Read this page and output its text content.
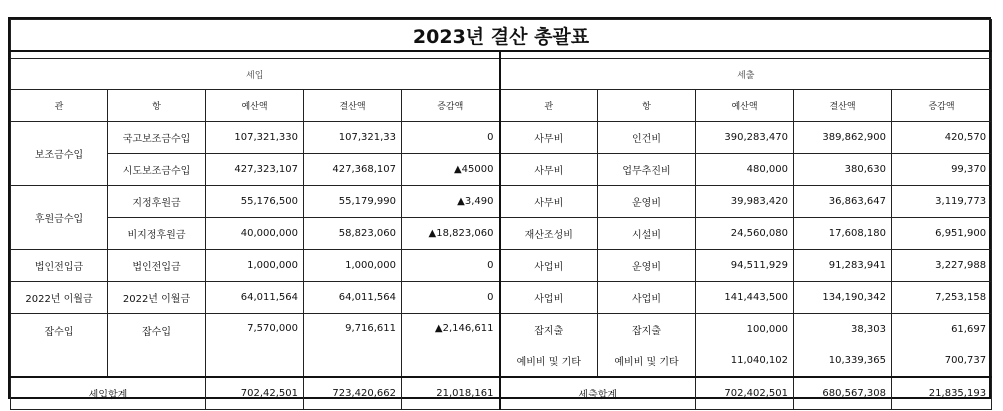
2023년 결산 총괄표									

세입					세출				
관	항	예산액	결산액	증감액	관	항	예산액	결산액	증감액
보조금수입	국고보조금수입	107,321,330	107,321,33	0	사무비	인건비	390,283,470	389,862,900	420,570
	시도보조금수입	427,323,107	427,368,107	▲45000	사무비	업무추진비	480,000	380,630	99,370
후원금수입	지정후원금	55,176,500	55,179,990	▲3,490	사무비	운영비	39,983,420	36,863,647	3,119,773
	비지정후원금	40,000,000	58,823,060	▲18,823,060	재산조성비	시설비	24,560,080	17,608,180	6,951,900
법인전입금	법인전입금	1,000,000	1,000,000	0	사업비	운영비	94,511,929	91,283,941	3,227,988
2022년 이월금	2022년 이월금	64,011,564	64,011,564	0	사업비	사업비	141,443,500	134,190,342	7,253,158
잡수입	잡수입	7,570,000	9,716,611	▲2,146,611	잡지출	잡지출	100,000	38,303	61,697
					예비비 및 기타	예비비 및 기타	11,040,102	10,339,365	700,737
세입합계		702,42,501	723,420,662	21,018,161	세출합계		702,402,501	680,567,308	21,835,193
